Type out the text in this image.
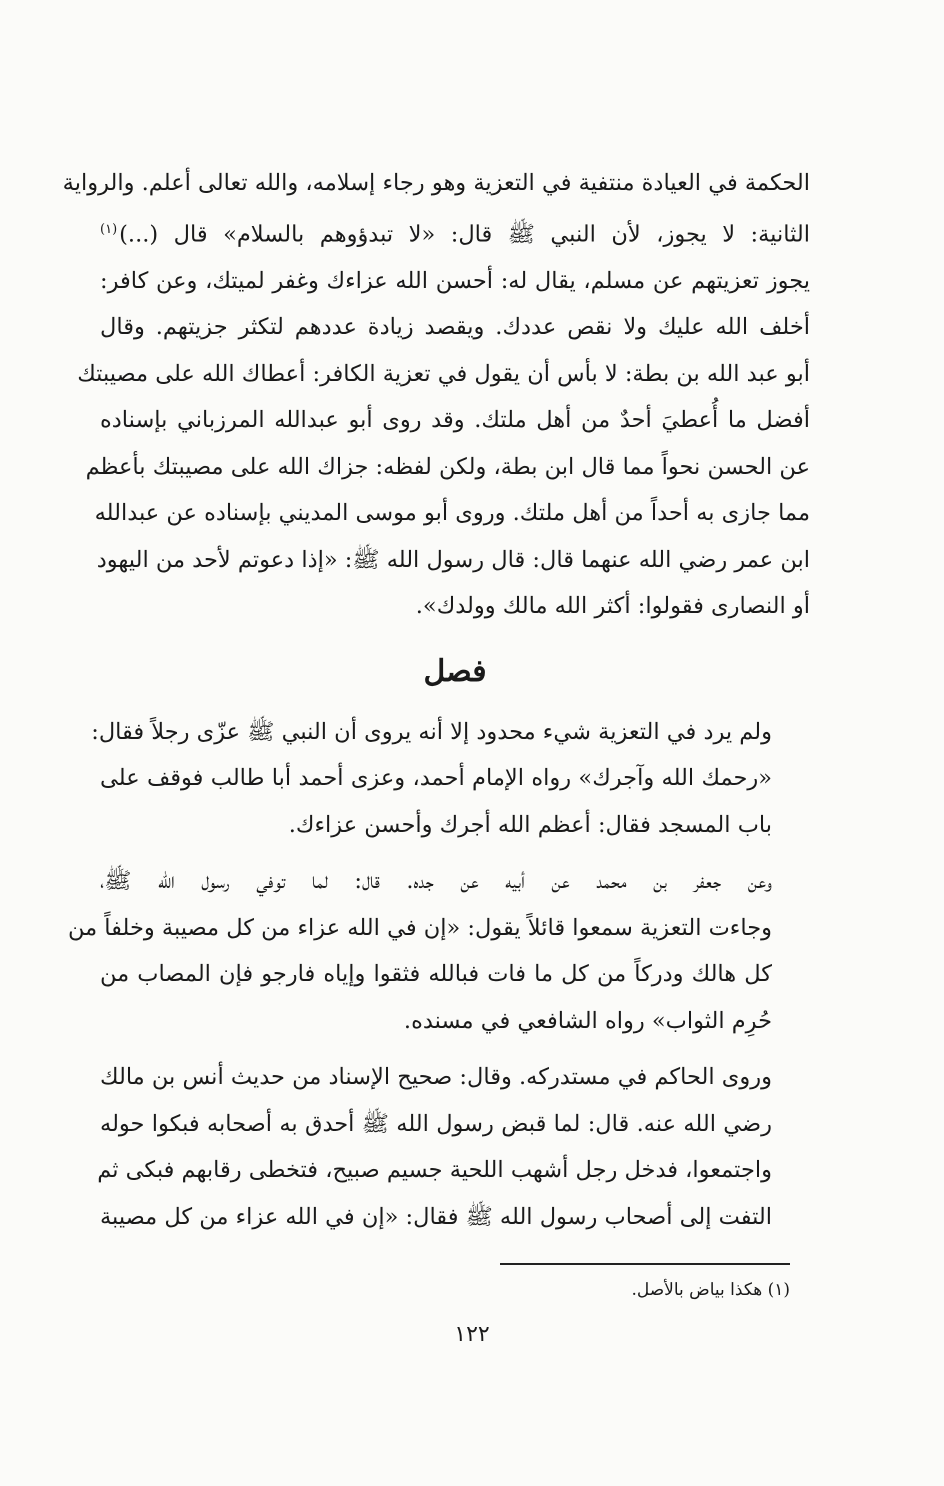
الحكمة في العيادة منتفية في التعزية وهو رجاء إسلامه، والله تعالى أعلم. والرواية
الثانية: لا يجوز، لأن النبي ﷺ قال: «لا تبدؤوهم بالسلام» قال (...)$^{(١)}$
يجوز تعزيتهم عن مسلم، يقال له: أحسن الله عزاءك وغفر لميتك، وعن كافر:
أخلف الله عليك ولا نقص عددك. ويقصد زيادة عددهم لتكثر جزيتهم. وقال
أبو عبد الله بن بطة: لا بأس أن يقول في تعزية الكافر: أعطاك الله على مصيبتك
أفضل ما أُعطيَ أحدٌ من أهل ملتك. وقد روى أبو عبدالله المرزباني بإسناده
عن الحسن نحواً مما قال ابن بطة، ولكن لفظه: جزاك الله على مصيبتك بأعظم
مما جازى به أحداً من أهل ملتك. وروى أبو موسى المديني بإسناده عن عبدالله
ابن عمر رضي الله عنهما قال: قال رسول الله ﷺ: «إذا دعوتم لأحد من اليهود
أو النصارى فقولوا: أكثر الله مالك وولدك».

فصل

ولم يرد في التعزية شيء محدود إلا أنه يروى أن النبي ﷺ عزّى رجلاً فقال:
«رحمك الله وآجرك» رواه الإمام أحمد، وعزى أحمد أبا طالب فوقف على
باب المسجد فقال: أعظم الله أجرك وأحسن عزاءك.

وعن جعفر بن محمد عن أبيه عن جده. قال: لما توفي رسول الله ﷺ،
وجاءت التعزية سمعوا قائلاً يقول: «إن في الله عزاء من كل مصيبة وخلفاً من
كل هالك ودركاً من كل ما فات فبالله فثقوا وإياه فارجو فإن المصاب من
حُرِم الثواب» رواه الشافعي في مسنده.

وروى الحاكم في مستدركه. وقال: صحيح الإسناد من حديث أنس بن مالك
رضي الله عنه. قال: لما قبض رسول الله ﷺ أحدق به أصحابه فبكوا حوله
واجتمعوا، فدخل رجل أشهب اللحية جسيم صبيح، فتخطى رقابهم فبكى ثم
التفت إلى أصحاب رسول الله ﷺ فقال: «إن في الله عزاء من كل مصيبة

(١) هكذا بياض بالأصل.
١٢٢
